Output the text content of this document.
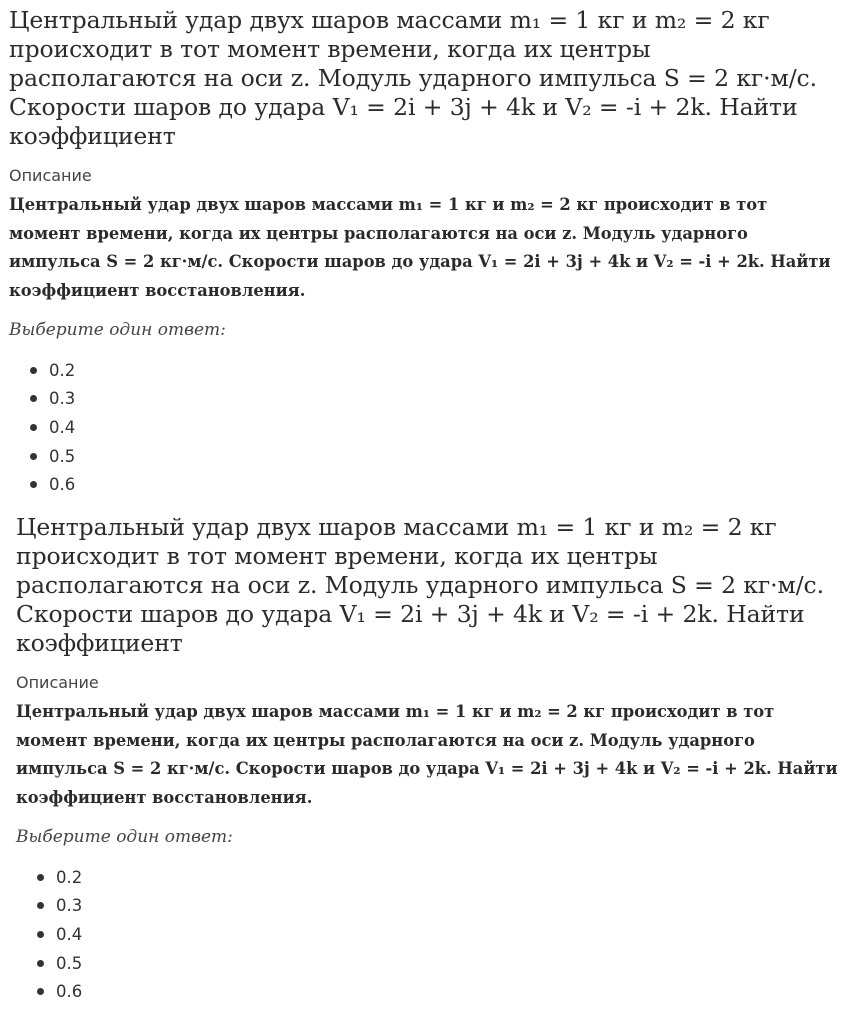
Центральный удар двух шаров массами m₁ = 1 кг и m₂ = 2 кг происходит в тот момент времени, когда их центры располагаются на оси z. Модуль ударного импульса S = 2 кг·м/с. Скорости шаров до удара V₁ = 2i + 3j + 4k и V₂ = -i + 2k. Найти коэффициент
Описание
Центральный удар двух шаров массами m₁ = 1 кг и m₂ = 2 кг происходит в тот момент времени, когда их центры располагаются на оси z. Модуль ударного импульса S = 2 кг·м/с. Скорости шаров до удара V₁ = 2i + 3j + 4k и V₂ = -i + 2k. Найти коэффициент восстановления.
Выберите один ответ:
0.2
0.3
0.4
0.5
0.6
Центральный удар двух шаров массами m₁ = 1 кг и m₂ = 2 кг происходит в тот момент времени, когда их центры располагаются на оси z. Модуль ударного импульса S = 2 кг·м/с. Скорости шаров до удара V₁ = 2i + 3j + 4k и V₂ = -i + 2k. Найти коэффициент
Описание
Центральный удар двух шаров массами m₁ = 1 кг и m₂ = 2 кг происходит в тот момент времени, когда их центры располагаются на оси z. Модуль ударного импульса S = 2 кг·м/с. Скорости шаров до удара V₁ = 2i + 3j + 4k и V₂ = -i + 2k. Найти коэффициент восстановления.
Выберите один ответ:
0.2
0.3
0.4
0.5
0.6
